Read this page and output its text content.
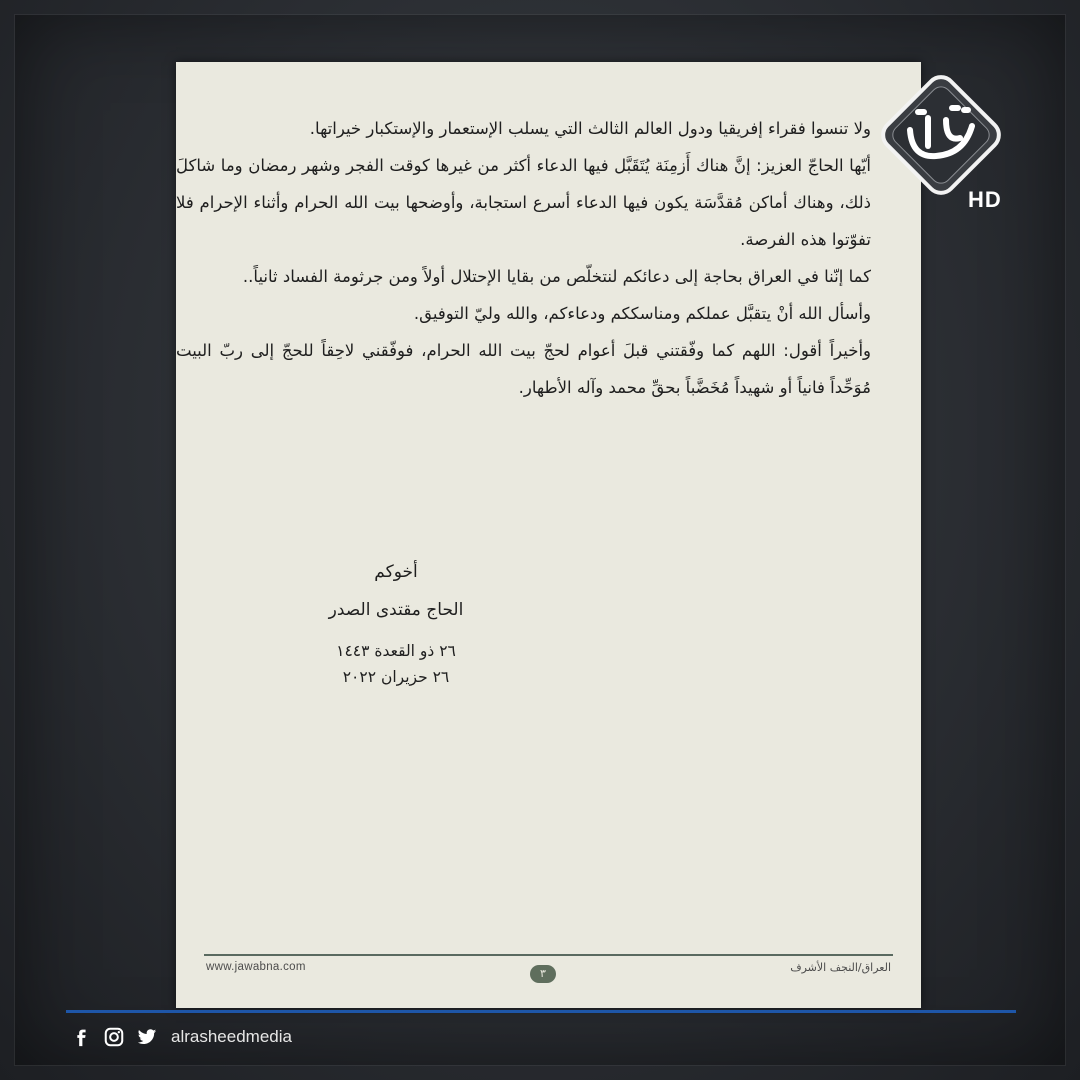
ولا تنسوا فقراء إفريقيا ودول العالم الثالث التي يسلب الإستعمار والإستكبار خيراتها.

أيّها الحاجّ العزيز: إنَّ هناك أَزمِنَة يُتَقَبَّل فيها الدعاء أكثر من غيرها كوقت الفجر وشهر رمضان وما شاكلَ ذلك، وهناك أماكن مُقدَّسَة يكون فيها الدعاء أسرع استجابة، وأوضحها بيت الله الحرام وأثناء الإحرام فلا تفوّتوا هذه الفرصة.

كما إنّنا في العراق بحاجة إلى دعائكم لنتخلّص من بقايا الإحتلال أولاً ومن جرثومة الفساد ثانياً..

وأسأل الله أنْ يتقبَّل عملكم ومناسككم ودعاءكم، والله وليّ التوفيق.

وأخيراً أقول: اللهم كما وفّقتني قبلَ أعوام لحجّ بيت الله الحرام، فوفّقني لاحِقاً للحجّ إلى ربّ البيت مُوَحِّداً فانياً أو شهيداً مُخَضَّباً بحقِّ محمد وآله الأطهار.

أخوكم
الحاج مقتدى الصدر
٢٦ ذو القعدة ١٤٤٣
٢٦ حزيران ٢٠٢٢
www.jawabna.com	٣	العراق/النجف الأشرف
HD
alrasheedmedia
